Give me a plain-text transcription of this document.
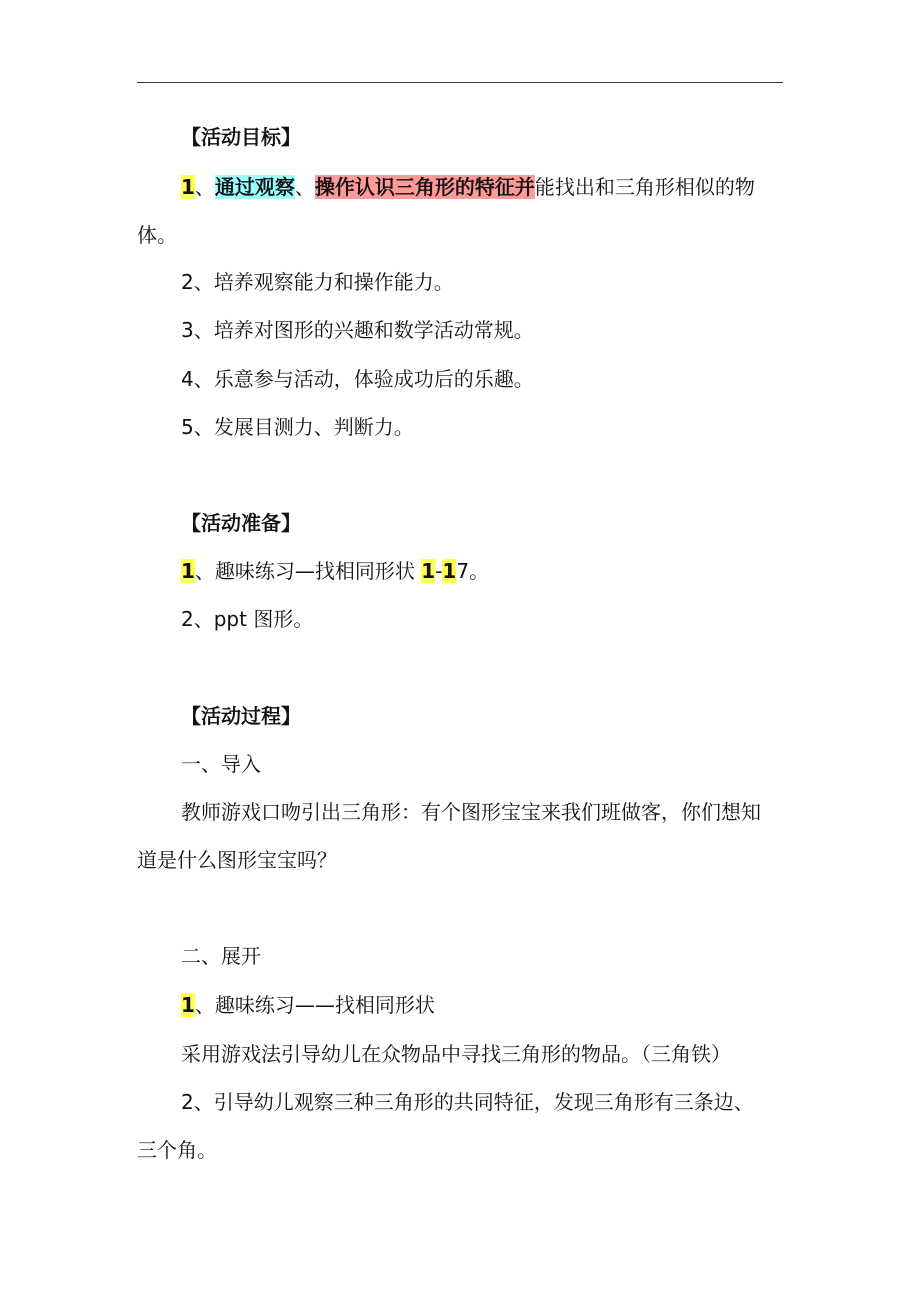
【活动目标】
1、通过观察、操作认识三角形的特征并能找出和三角形相似的物
体。
2、培养观察能力和操作能力。
3、培养对图形的兴趣和数学活动常规。
4、乐意参与活动，体验成功后的乐趣。
5、发展目测力、判断力。
【活动准备】
1、趣味练习—找相同形状 1-17。
2、ppt 图形。
【活动过程】
一、导入
教师游戏口吻引出三角形：有个图形宝宝来我们班做客，你们想知
道是什么图形宝宝吗？
二、展开
1、趣味练习——找相同形状
采用游戏法引导幼儿在众物品中寻找三角形的物品。（三角铁）
2、引导幼儿观察三种三角形的共同特征，发现三角形有三条边、
三个角。
